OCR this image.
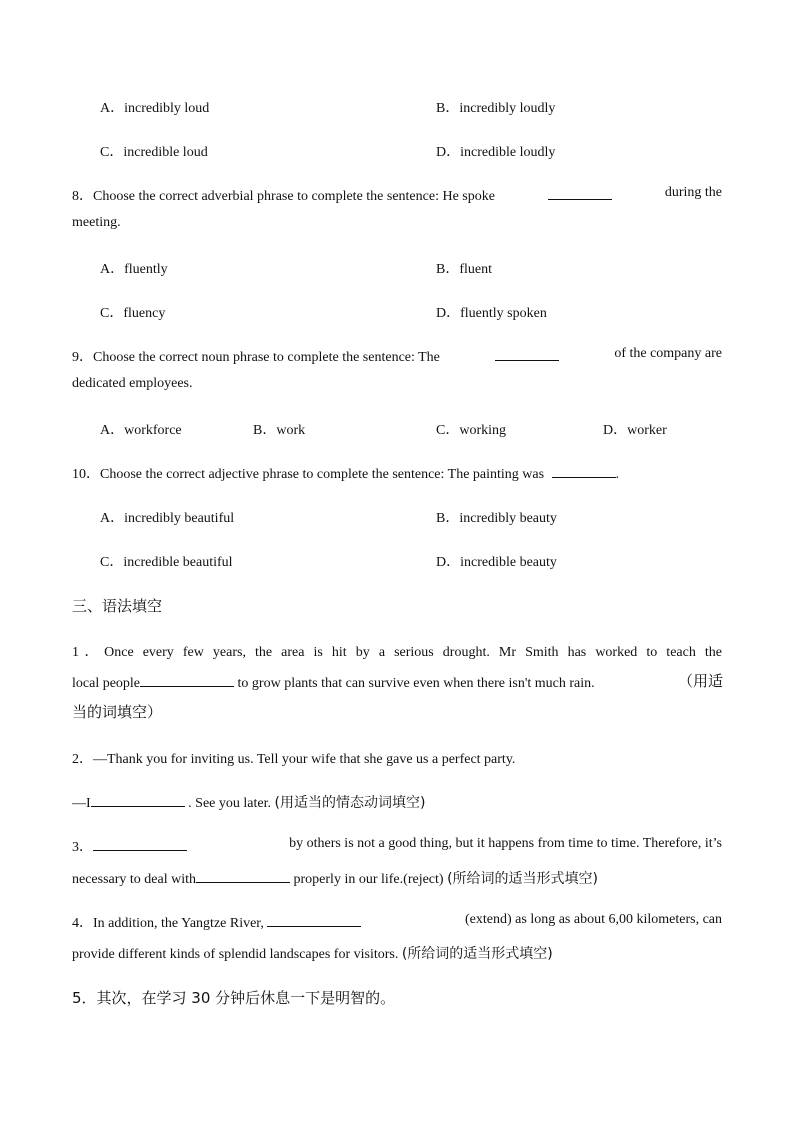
A．incredibly loud	B．incredibly loudly
C．incredible loud	D．incredible loudly
8．Choose the correct adverbial phrase to complete the sentence: He spoke	during the
meeting.
A．fluently	B．fluent
C．fluency	D．fluently spoken
9．Choose the correct noun phrase to complete the sentence: The	of the company are
dedicated employees.
A．workforce	B．work	C．working	D．worker
10．Choose the correct adjective phrase to complete the sentence: The painting was	.
A．incredibly beautiful	B．incredibly beauty
C．incredible beautiful	D．incredible beauty
三、语法填空
1．Once every few years, the area is hit by a serious drought. Mr Smith has worked to teach the
local people	to grow plants that can survive even when there isn't much rain.	（用适
当的词填空）
2．—Thank you for inviting us. Tell your wife that she gave us a perfect party.
—I	. See you later. (用适当的情态动词填空)
3．	by others is not a good thing, but it happens from time to time. Therefore, it’s
necessary to deal with	properly in our life.(reject) (所给词的适当形式填空)
4．In addition, the Yangtze River,	(extend) as long as about 6,00 kilometers, can
provide different kinds of splendid landscapes for visitors. (所给词的适当形式填空)
5．其次，在学习 30 分钟后休息一下是明智的。
